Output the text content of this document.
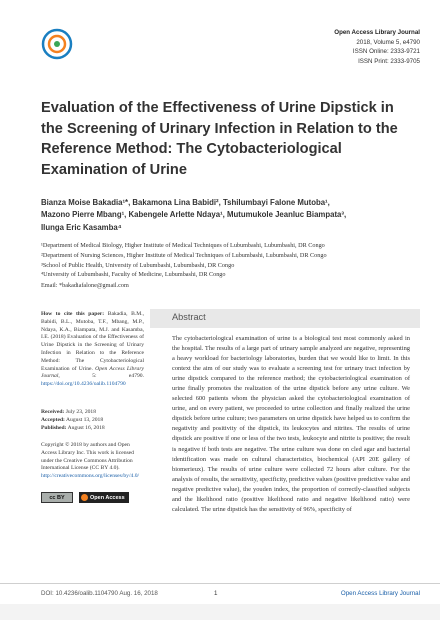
Open Access Library Journal
2018, Volume 5, e4790
ISSN Online: 2333-9721
ISSN Print: 2333-9705
Evaluation of the Effectiveness of Urine Dipstick in the Screening of Urinary Infection in Relation to the Reference Method: The Cytobacteriological Examination of Urine
Bianza Moise Bakadia¹*, Bakamona Lina Babidi², Tshilumbayi Falone Mutoba¹,
Mazono Pierre Mbang¹, Kabengele Arlette Ndaya¹, Mutumukole Jeanluc Biampata³,
Ilunga Eric Kasamba⁴
¹Department of Medical Biology, Higher Institute of Medical Techniques of Lubumbashi, Lubumbashi, DR Congo
²Department of Nursing Sciences, Higher Institute of Medical Techniques of Lubumbashi, Lubumbashi, DR Congo
³School of Public Health, University of Lubumbashi, Lubumbashi, DR Congo
⁴University of Lubumbashi, Faculty of Medicine, Lubumbashi, DR Congo
Email: *bakadiafalone@gmail.com
How to cite this paper: Bakadia, B.M., Babidi, B.L., Mutoba, T.F., Mbang, M.P., Ndaya, K.A., Biampata, M.J. and Kasamba, I.E. (2018) Evaluation of the Effectiveness of Urine Dipstick in the Screening of Urinary Infection in Relation to the Reference Method: The Cytobacteriological Examination of Urine. Open Access Library Journal,	5: e4790. https://doi.org/10.4236/oalib.1104790
Received: July 23, 2018
Accepted: August 13, 2018
Published: August 16, 2018
Copyright © 2018 by authors and Open Access Library Inc. This work is licensed under the Creative Commons Attribution International License (CC BY 4.0). http://creativecommons.org/licenses/by/4.0/
cc BY	Open Access
Abstract
The cytobacteriological examination of urine is a biological test most commonly asked in the hospital. The results of a large part of urinary sample analyzed are negative, representing a heavy workload for bacteriology laboratories, burden that we would like to limit. In this context the aim of our study was to evaluate a screening test for urinary tract infection by urine dipstick compared to the reference method; the cytobacteriological examination of urine finally promotes the realization of the urine dipstick before any urine culture. We selected 600 patients whom the physician asked the cytobacteriological examination of urine, and on every patient, we proceeded to urine collection and finally realized the urine dipstick before urine culture; two parameters on urine dipstick have helped us to confirm the negativity and positivity of the dipstick, its leukocytes and nitrites. The results of urine dipstick are positive if one or less of the two tests, leukocyte and nitrite is positive; the result is negative if both tests are negative. The urine culture was done on cled agar and bacterial identification was made on cultural characteristics, biochemical (API 20E gallery of biomerieux). The results of urine culture were collected 72 hours after culture. For the analysis of results, the sensitivity, specificity, predictive values (positive predictive value and negative predictive value), the youden index, the proportion of correctly-classified subjects and the likelihood ratio (positive likelihood ratio and negative likelihood ratio) were calculated. The urine dipstick has the sensitivity of 96%, specificity of
DOI: 10.4236/oalib.1104790 Aug. 16, 2018	1	Open Access Library Journal
